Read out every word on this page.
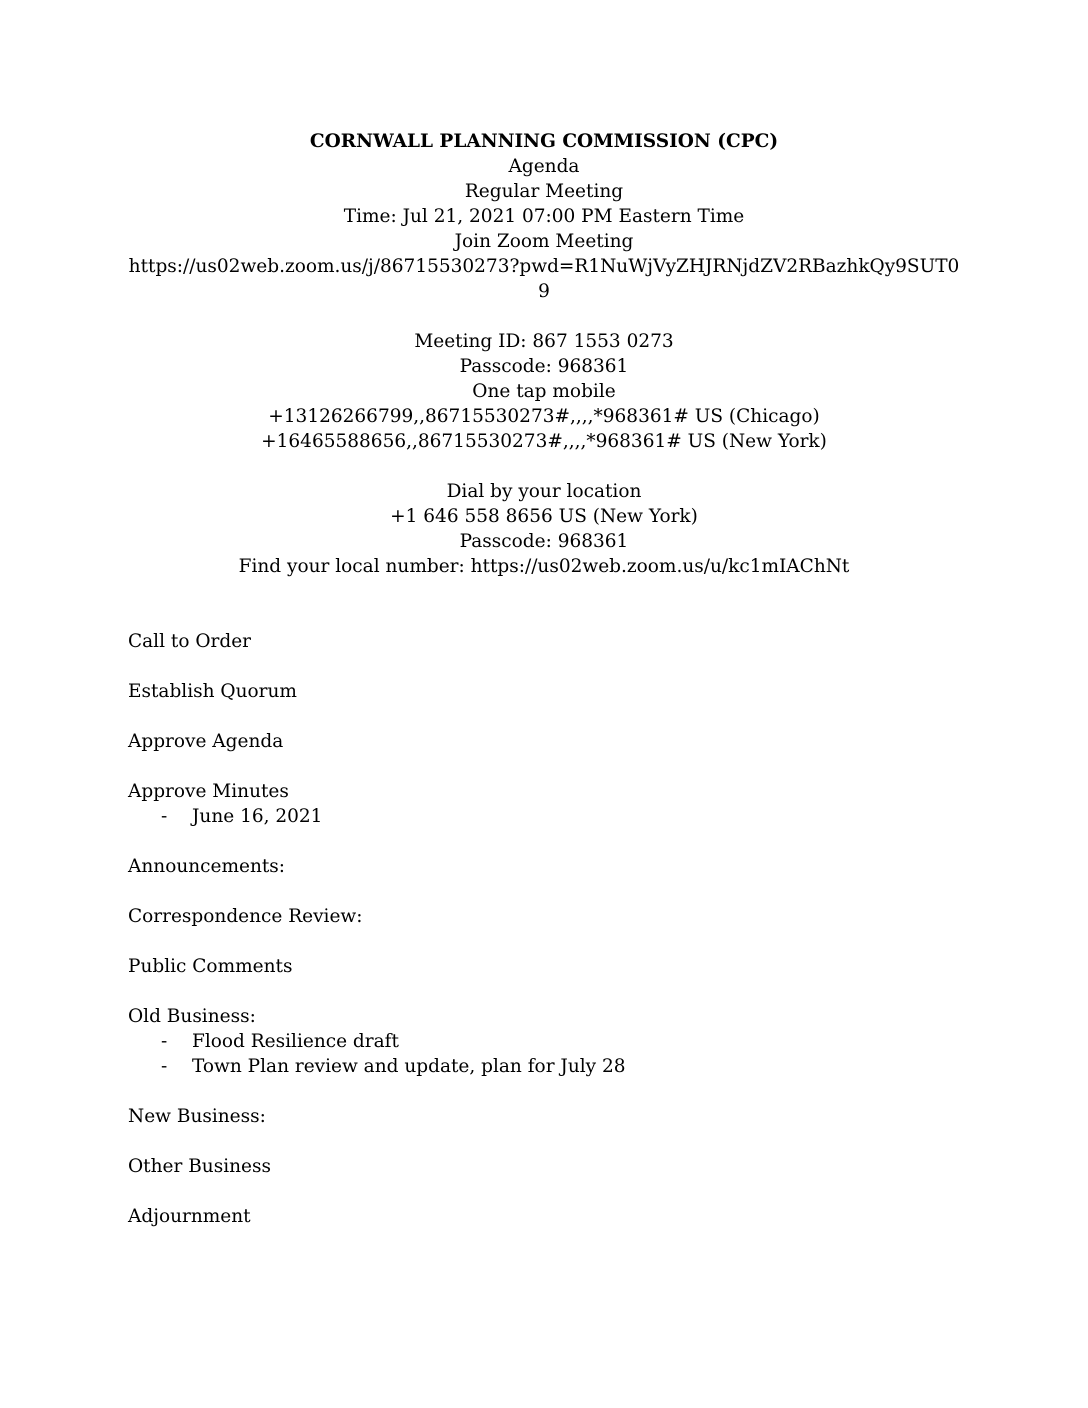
CORNWALL PLANNING COMMISSION (CPC)
Agenda
Regular Meeting
Time: Jul 21, 2021 07:00 PM Eastern Time
Join Zoom Meeting
https://us02web.zoom.us/j/86715530273?pwd=R1NuWjVyZHJRNjdZV2RBazhkQy9SUT0
9
Meeting ID: 867 1553 0273
Passcode: 968361
One tap mobile
+13126266799,,86715530273#,,,,*968361# US (Chicago)
+16465588656,,86715530273#,,,,*968361# US (New York)
Dial by your location
+1 646 558 8656 US (New York)
Passcode: 968361
Find your local number: https://us02web.zoom.us/u/kc1mIAChNt
Call to Order
Establish Quorum
Approve Agenda
Approve Minutes
- June 16, 2021
Announcements:
Correspondence Review:
Public Comments
Old Business:
- Flood Resilience draft
- Town Plan review and update, plan for July 28
New Business:
Other Business
Adjournment
